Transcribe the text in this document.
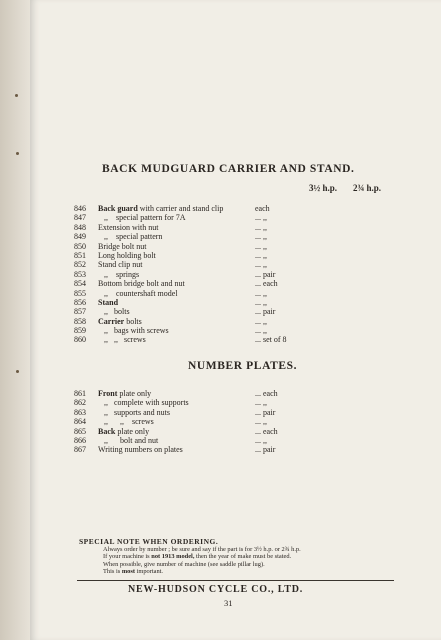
BACK MUDGUARD CARRIER AND STAND.
3½ h.p. 2¾ h.p.
846	Back guard with carrier and stand clip	each
847	,,    special pattern for 7A	... ,,
848	Extension with nut	... ,,
849	,,    special pattern	... ,,
850	Bridge bolt nut	... ,,
851	Long holding bolt	... ,,
852	Stand clip nut	... ,,
853	,,    springs	... pair
854	Bottom bridge bolt and nut	... each
855	,,    countershaft model	... ,,
856	Stand	... ,,
857	,,   bolts	... pair
858	Carrier bolts	... ,,
859	,,   bags with screws	... ,,
860	,,   ,,   screws	... set of 8
NUMBER PLATES.
861	Front plate only	... each
862	,,   complete with supports	... ,,
863	,,   supports and nuts	... pair
864	,,      ,,    screws	... ,,
865	Back plate only	... each
866	,,      bolt and nut	... ,,
867	Writing numbers on plates	... pair
SPECIAL NOTE WHEN ORDERING.
Always order by number ; be sure and say if the part is for 3½ h.p. or 2¾ h.p.
If your machine is not 1913 model, then the year of make must be stated.
When possible, give number of machine (see saddle pillar lug).
This is most important.
NEW-HUDSON CYCLE CO., LTD.
31
